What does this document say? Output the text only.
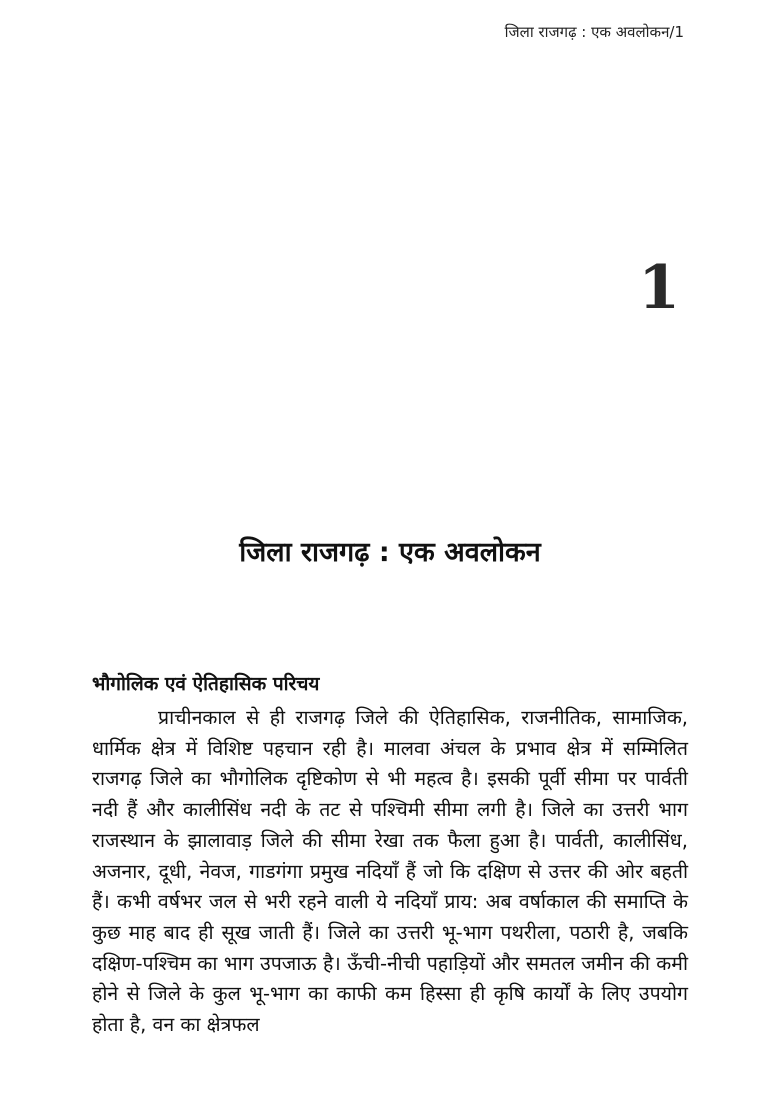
जिला राजगढ़ : एक अवलोकन/1
1
जिला राजगढ़ : एक अवलोकन
भौगोलिक एवं ऐतिहासिक परिचय

प्राचीनकाल से ही राजगढ़ जिले की ऐतिहासिक, राजनीतिक, सामाजिक, धार्मिक क्षेत्र में विशिष्ट पहचान रही है। मालवा अंचल के प्रभाव क्षेत्र में सम्मिलित राजगढ़ जिले का भौगोलिक दृष्टिकोण से भी महत्व है। इसकी पूर्वी सीमा पर पार्वती नदी हैं और कालीसिंध नदी के तट से पश्चिमी सीमा लगी है। जिले का उत्तरी भाग राजस्थान के झालावाड़ जिले की सीमा रेखा तक फैला हुआ है। पार्वती, कालीसिंध, अजनार, दूधी, नेवज, गाडगंगा प्रमुख नदियाँ हैं जो कि दक्षिण से उत्तर की ओर बहती हैं। कभी वर्षभर जल से भरी रहने वाली ये नदियाँ प्राय: अब वर्षाकाल की समाप्ति के कुछ माह बाद ही सूख जाती हैं। जिले का उत्तरी भू-भाग पथरीला, पठारी है, जबकि दक्षिण-पश्चिम का भाग उपजाऊ है। ऊँची-नीची पहाड़ियों और समतल जमीन की कमी होने से जिले के कुल भू-भाग का काफी कम हिस्सा ही कृषि कार्यों के लिए उपयोग होता है, वन का क्षेत्रफल
